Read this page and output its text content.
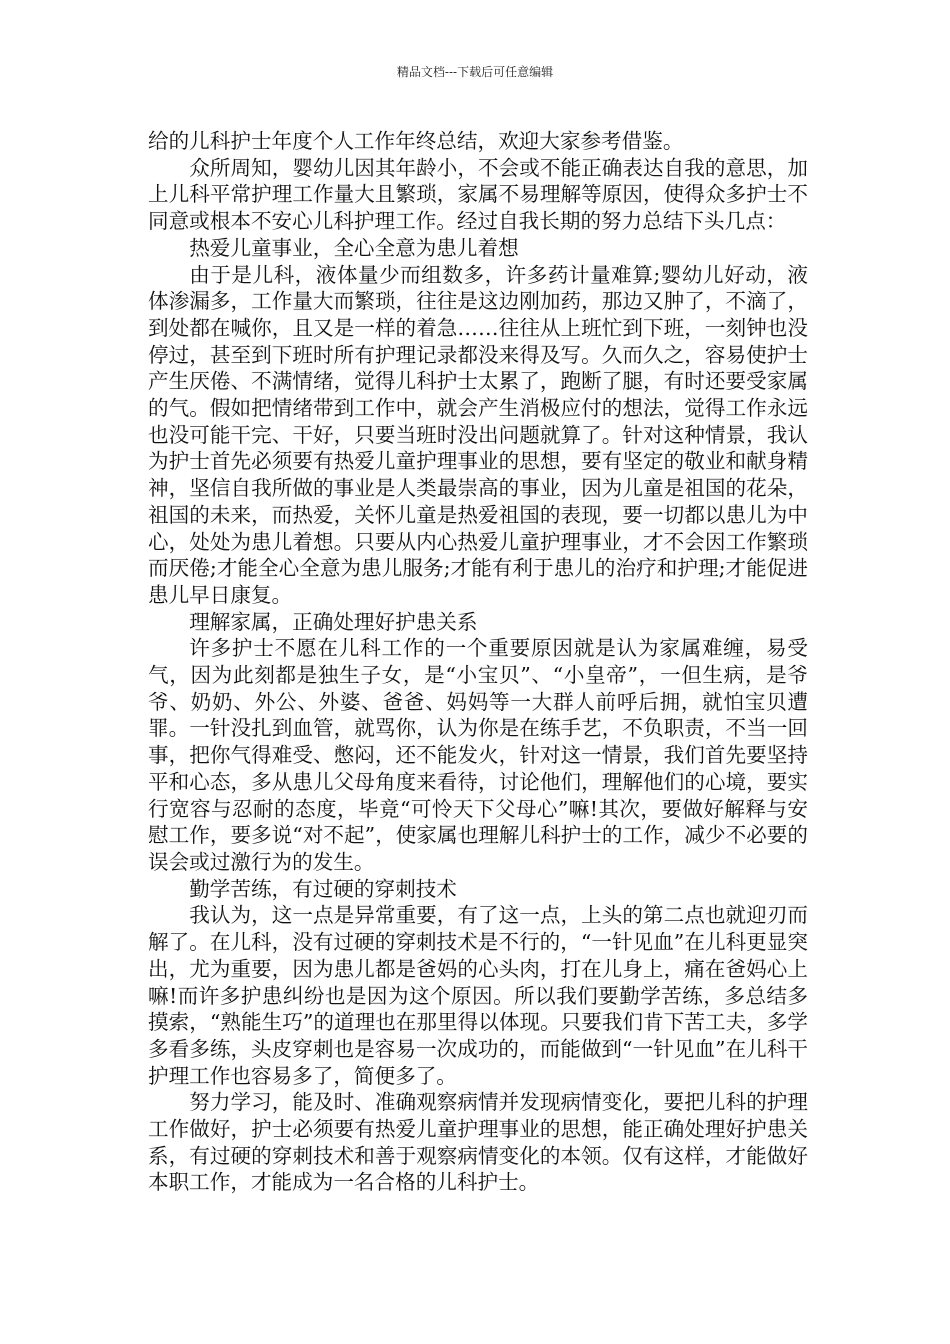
精品文档---下载后可任意编辑

给的儿科护士年度个人工作年终总结，欢迎大家参考借鉴。

众所周知，婴幼儿因其年龄小，不会或不能正确表达自我的意思，加上儿科平常护理工作量大且繁琐，家属不易理解等原因，使得众多护士不同意或根本不安心儿科护理工作。经过自我长期的努力总结下头几点：

热爱儿童事业，全心全意为患儿着想

由于是儿科，液体量少而组数多，许多药计量难算;婴幼儿好动，液体渗漏多，工作量大而繁琐，往往是这边刚加药，那边又肿了，不滴了，到处都在喊你，且又是一样的着急……往往从上班忙到下班，一刻钟也没停过，甚至到下班时所有护理记录都没来得及写。久而久之，容易使护士产生厌倦、不满情绪，觉得儿科护士太累了，跑断了腿，有时还要受家属的气。假如把情绪带到工作中，就会产生消极应付的想法，觉得工作永远也没可能干完、干好，只要当班时没出问题就算了。针对这种情景，我认为护士首先必须要有热爱儿童护理事业的思想，要有坚定的敬业和献身精神，坚信自我所做的事业是人类最崇高的事业，因为儿童是祖国的花朵，祖国的未来，而热爱，关怀儿童是热爱祖国的表现，要一切都以患儿为中心，处处为患儿着想。只要从内心热爱儿童护理事业，才不会因工作繁琐而厌倦;才能全心全意为患儿服务;才能有利于患儿的治疗和护理;才能促进患儿早日康复。

理解家属，正确处理好护患关系

许多护士不愿在儿科工作的一个重要原因就是认为家属难缠，易受气，因为此刻都是独生子女，是“小宝贝”、“小皇帝”，一但生病，是爷爷、奶奶、外公、外婆、爸爸、妈妈等一大群人前呼后拥，就怕宝贝遭罪。一针没扎到血管，就骂你，认为你是在练手艺，不负职责，不当一回事，把你气得难受、憋闷，还不能发火，针对这一情景，我们首先要坚持平和心态，多从患儿父母角度来看待，讨论他们，理解他们的心境，要实行宽容与忍耐的态度，毕竟“可怜天下父母心”嘛!其次，要做好解释与安慰工作，要多说“对不起”，使家属也理解儿科护士的工作，减少不必要的误会或过激行为的发生。

勤学苦练，有过硬的穿刺技术

我认为，这一点是异常重要，有了这一点，上头的第二点也就迎刃而解了。在儿科，没有过硬的穿刺技术是不行的，“一针见血”在儿科更显突出，尤为重要，因为患儿都是爸妈的心头肉，打在儿身上，痛在爸妈心上嘛!而许多护患纠纷也是因为这个原因。所以我们要勤学苦练，多总结多摸索，“熟能生巧”的道理也在那里得以体现。只要我们肯下苦工夫，多学多看多练，头皮穿刺也是容易一次成功的，而能做到“一针见血”在儿科干护理工作也容易多了，简便多了。

努力学习，能及时、准确观察病情并发现病情变化，要把儿科的护理工作做好，护士必须要有热爱儿童护理事业的思想，能正确处理好护患关系，有过硬的穿刺技术和善于观察病情变化的本领。仅有这样，才能做好本职工作，才能成为一名合格的儿科护士。
